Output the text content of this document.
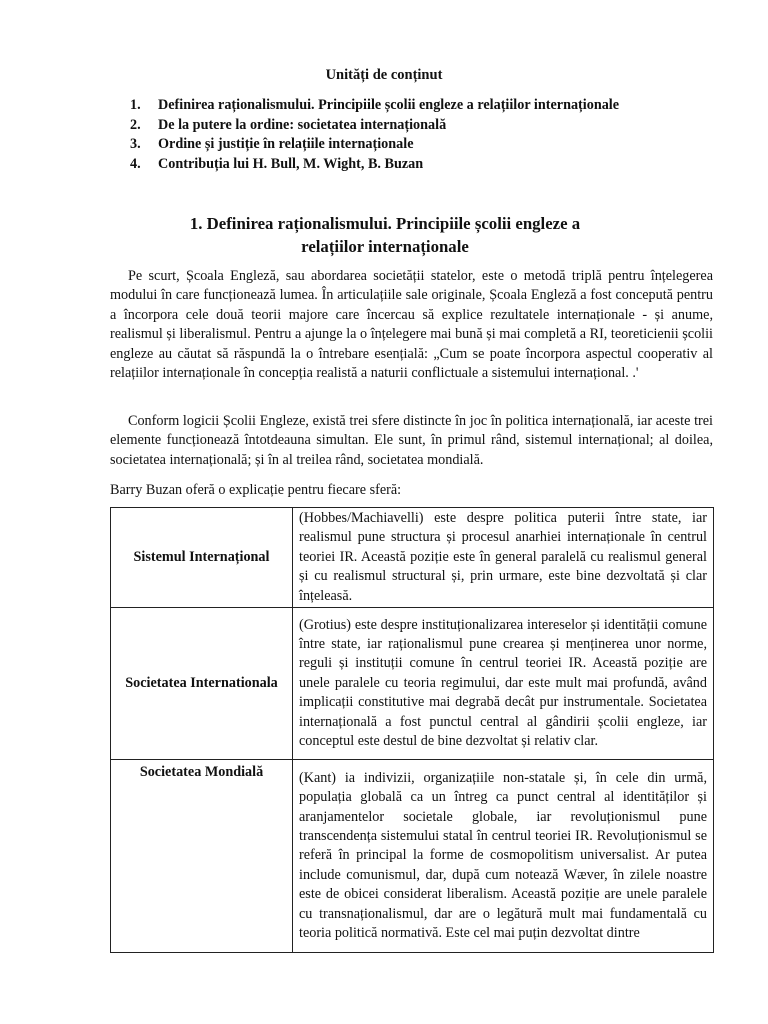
Unități de conținut
1.	Definirea raționalismului. Principiile școlii engleze a relațiilor internaționale
2.	De la putere la ordine: societatea internațională
3.	Ordine și justiție în relațiile internaționale
4.	Contribuția lui H. Bull, M. Wight, B. Buzan
1. Definirea raționalismului. Principiile școlii engleze a relațiilor internaționale

Pe scurt, Școala Engleză, sau abordarea societății statelor, este o metodă triplă pentru înțelegerea modului în care funcționează lumea. În articulațiile sale originale, Școala Engleză a fost concepută pentru a încorpora cele două teorii majore care încercau să explice rezultatele internaționale - și anume, realismul și liberalismul. Pentru a ajunge la o înțelegere mai bună și mai completă a RI, teoreticienii școlii engleze au căutat să răspundă la o întrebare esențială: „Cum se poate încorpora aspectul cooperativ al relațiilor internaționale în concepția realistă a naturii conflictuale a sistemului internațional. .'

Conform logicii Școlii Engleze, există trei sfere distincte în joc în politica internațională, iar aceste trei elemente funcționează întotdeauna simultan. Ele sunt, în primul rând, sistemul internațional; al doilea, societatea internațională; și în al treilea rând, societatea mondială.

Barry Buzan oferă o explicație pentru fiecare sferă:

Sistemul Internațional	(Hobbes/Machiavelli) este despre politica puterii între state, iar realismul pune structura și procesul anarhiei internaționale în centrul teoriei IR. Această poziție este în general paralelă cu realismul general și cu realismul structural și, prin urmare, este bine dezvoltată și clar înțeleasă.
Societatea Internationala	(Grotius) este despre instituționalizarea intereselor și identității comune între state, iar raționalismul pune crearea și menținerea unor norme, reguli și instituții comune în centrul teoriei IR. Această poziție are unele paralele cu teoria regimului, dar este mult mai profundă, având implicații constitutive mai degrabă decât pur instrumentale. Societatea internațională a fost punctul central al gândirii școlii engleze, iar conceptul este destul de bine dezvoltat și relativ clar.
Societatea Mondială	(Kant) ia indivizii, organizațiile non-statale și, în cele din urmă, populația globală ca un întreg ca punct central al identităților și aranjamentelor societale globale, iar revoluționismul pune transcendența sistemului statal în centrul teoriei IR. Revoluționismul se referă în principal la forme de cosmopolitism universalist. Ar putea include comunismul, dar, după cum notează Wæver, în zilele noastre este de obicei considerat liberalism. Această poziție are unele paralele cu transnaționalismul, dar are o legătură mult mai fundamentală cu teoria politică normativă. Este cel mai puțin dezvoltat dintre
